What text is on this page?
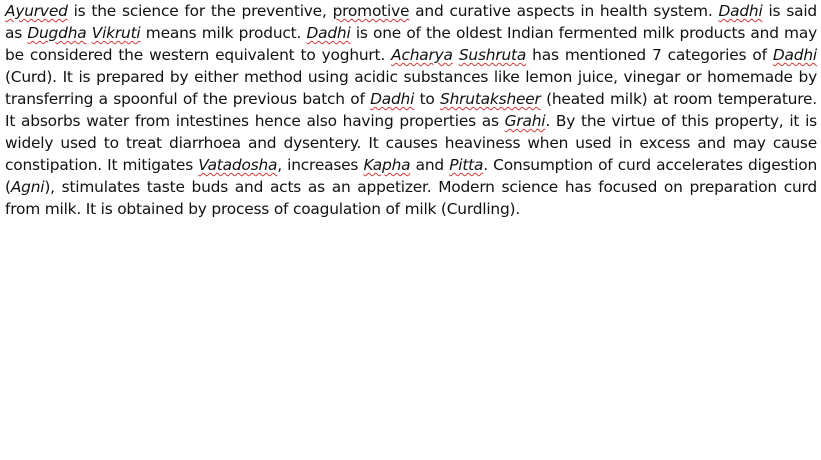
Ayurved is the science for the preventive, promotive and curative aspects in health system. Dadhi is said as Dugdha Vikruti means milk product. Dadhi is one of the oldest Indian fermented milk products and may be considered the western equivalent to yoghurt. Acharya Sushruta has mentioned 7 categories of Dadhi (Curd). It is prepared by either method using acidic substances like lemon juice, vinegar or homemade by transferring a spoonful of the previous batch of Dadhi to Shrutaksheer (heated milk) at room temperature. It absorbs water from intestines hence also having properties as Grahi. By the virtue of this property, it is widely used to treat diarrhoea and dysentery. It causes heaviness when used in excess and may cause constipation. It mitigates Vatadosha, increases Kapha and Pitta. Consumption of curd accelerates digestion (Agni), stimulates taste buds and acts as an appetizer. Modern science has focused on preparation curd from milk. It is obtained by process of coagulation of milk (Curdling).
